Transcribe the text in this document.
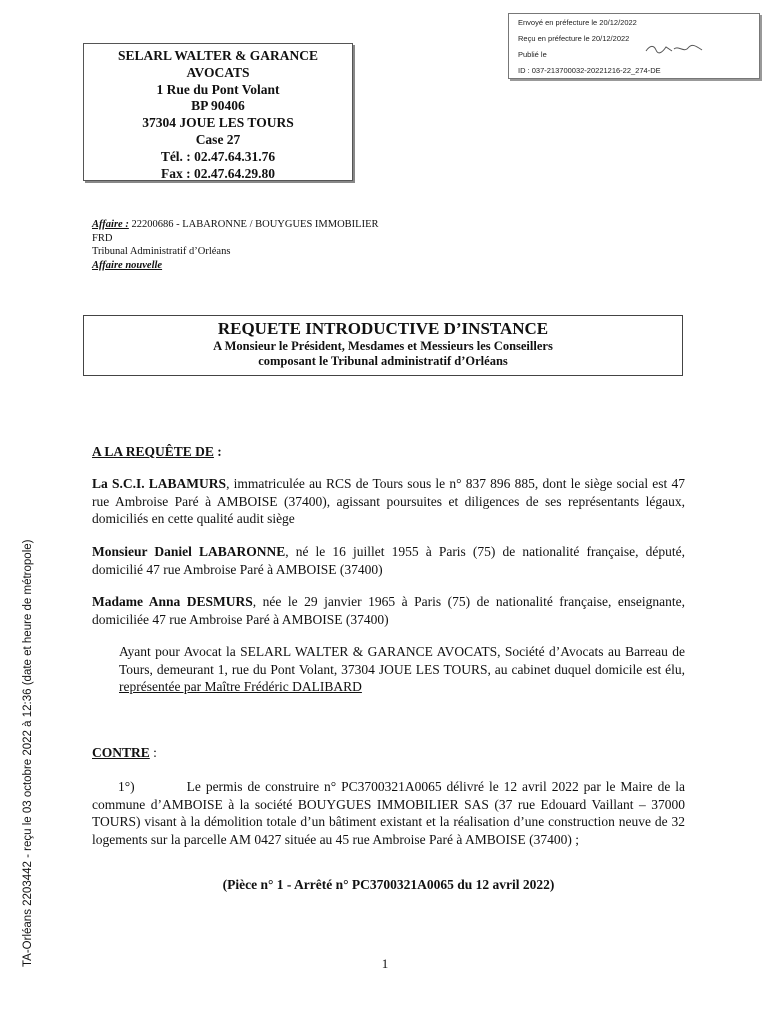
Envoyé en préfecture le 20/12/2022
Reçu en préfecture le 20/12/2022
Publié le
ID : 037-213700032-20221216-22_274-DE
SELARL WALTER & GARANCE
AVOCATS
1 Rue du Pont Volant
BP 90406
37304 JOUE LES TOURS
Case 27
Tél. : 02.47.64.31.76
Fax : 02.47.64.29.80
Affaire : 22200686 - LABARONNE / BOUYGUES IMMOBILIER
FRD
Tribunal Administratif d’Orléans
Affaire nouvelle
REQUETE INTRODUCTIVE D’INSTANCE
A Monsieur le Président, Mesdames et Messieurs les Conseillers
composant le Tribunal administratif d’Orléans
A LA REQUÊTE DE :
La S.C.I. LABAMURS, immatriculée au RCS de Tours sous le n° 837 896 885, dont le siège social est 47 rue Ambroise Paré à AMBOISE (37400), agissant poursuites et diligences de ses représentants légaux, domiciliés en cette qualité audit siège
Monsieur Daniel LABARONNE, né le 16 juillet 1955 à Paris (75) de nationalité française, député, domicilié 47 rue Ambroise Paré à AMBOISE (37400)
Madame Anna DESMURS, née le 29 janvier 1965 à Paris (75) de nationalité française, enseignante, domiciliée 47 rue Ambroise Paré à AMBOISE (37400)
Ayant pour Avocat la SELARL WALTER & GARANCE AVOCATS, Société d’Avocats au Barreau de Tours, demeurant 1, rue du Pont Volant, 37304 JOUE LES TOURS, au cabinet duquel domicile est élu, représentée par Maître Frédéric DALIBARD
CONTRE :
1°)	Le permis de construire n° PC3700321A0065 délivré le 12 avril 2022 par le Maire de la commune d’AMBOISE à la société BOUYGUES IMMOBILIER SAS (37 rue Edouard Vaillant – 37000 TOURS) visant à la démolition totale d’un bâtiment existant et la réalisation d’une construction neuve de 32 logements sur la parcelle AM 0427 située au 45 rue Ambroise Paré à AMBOISE (37400) ;
(Pièce n° 1 - Arrêté n° PC3700321A0065 du 12 avril 2022)
1
TA-Orléans 2203442 - reçu le 03 octobre 2022 à 12:36 (date et heure de métropole)
